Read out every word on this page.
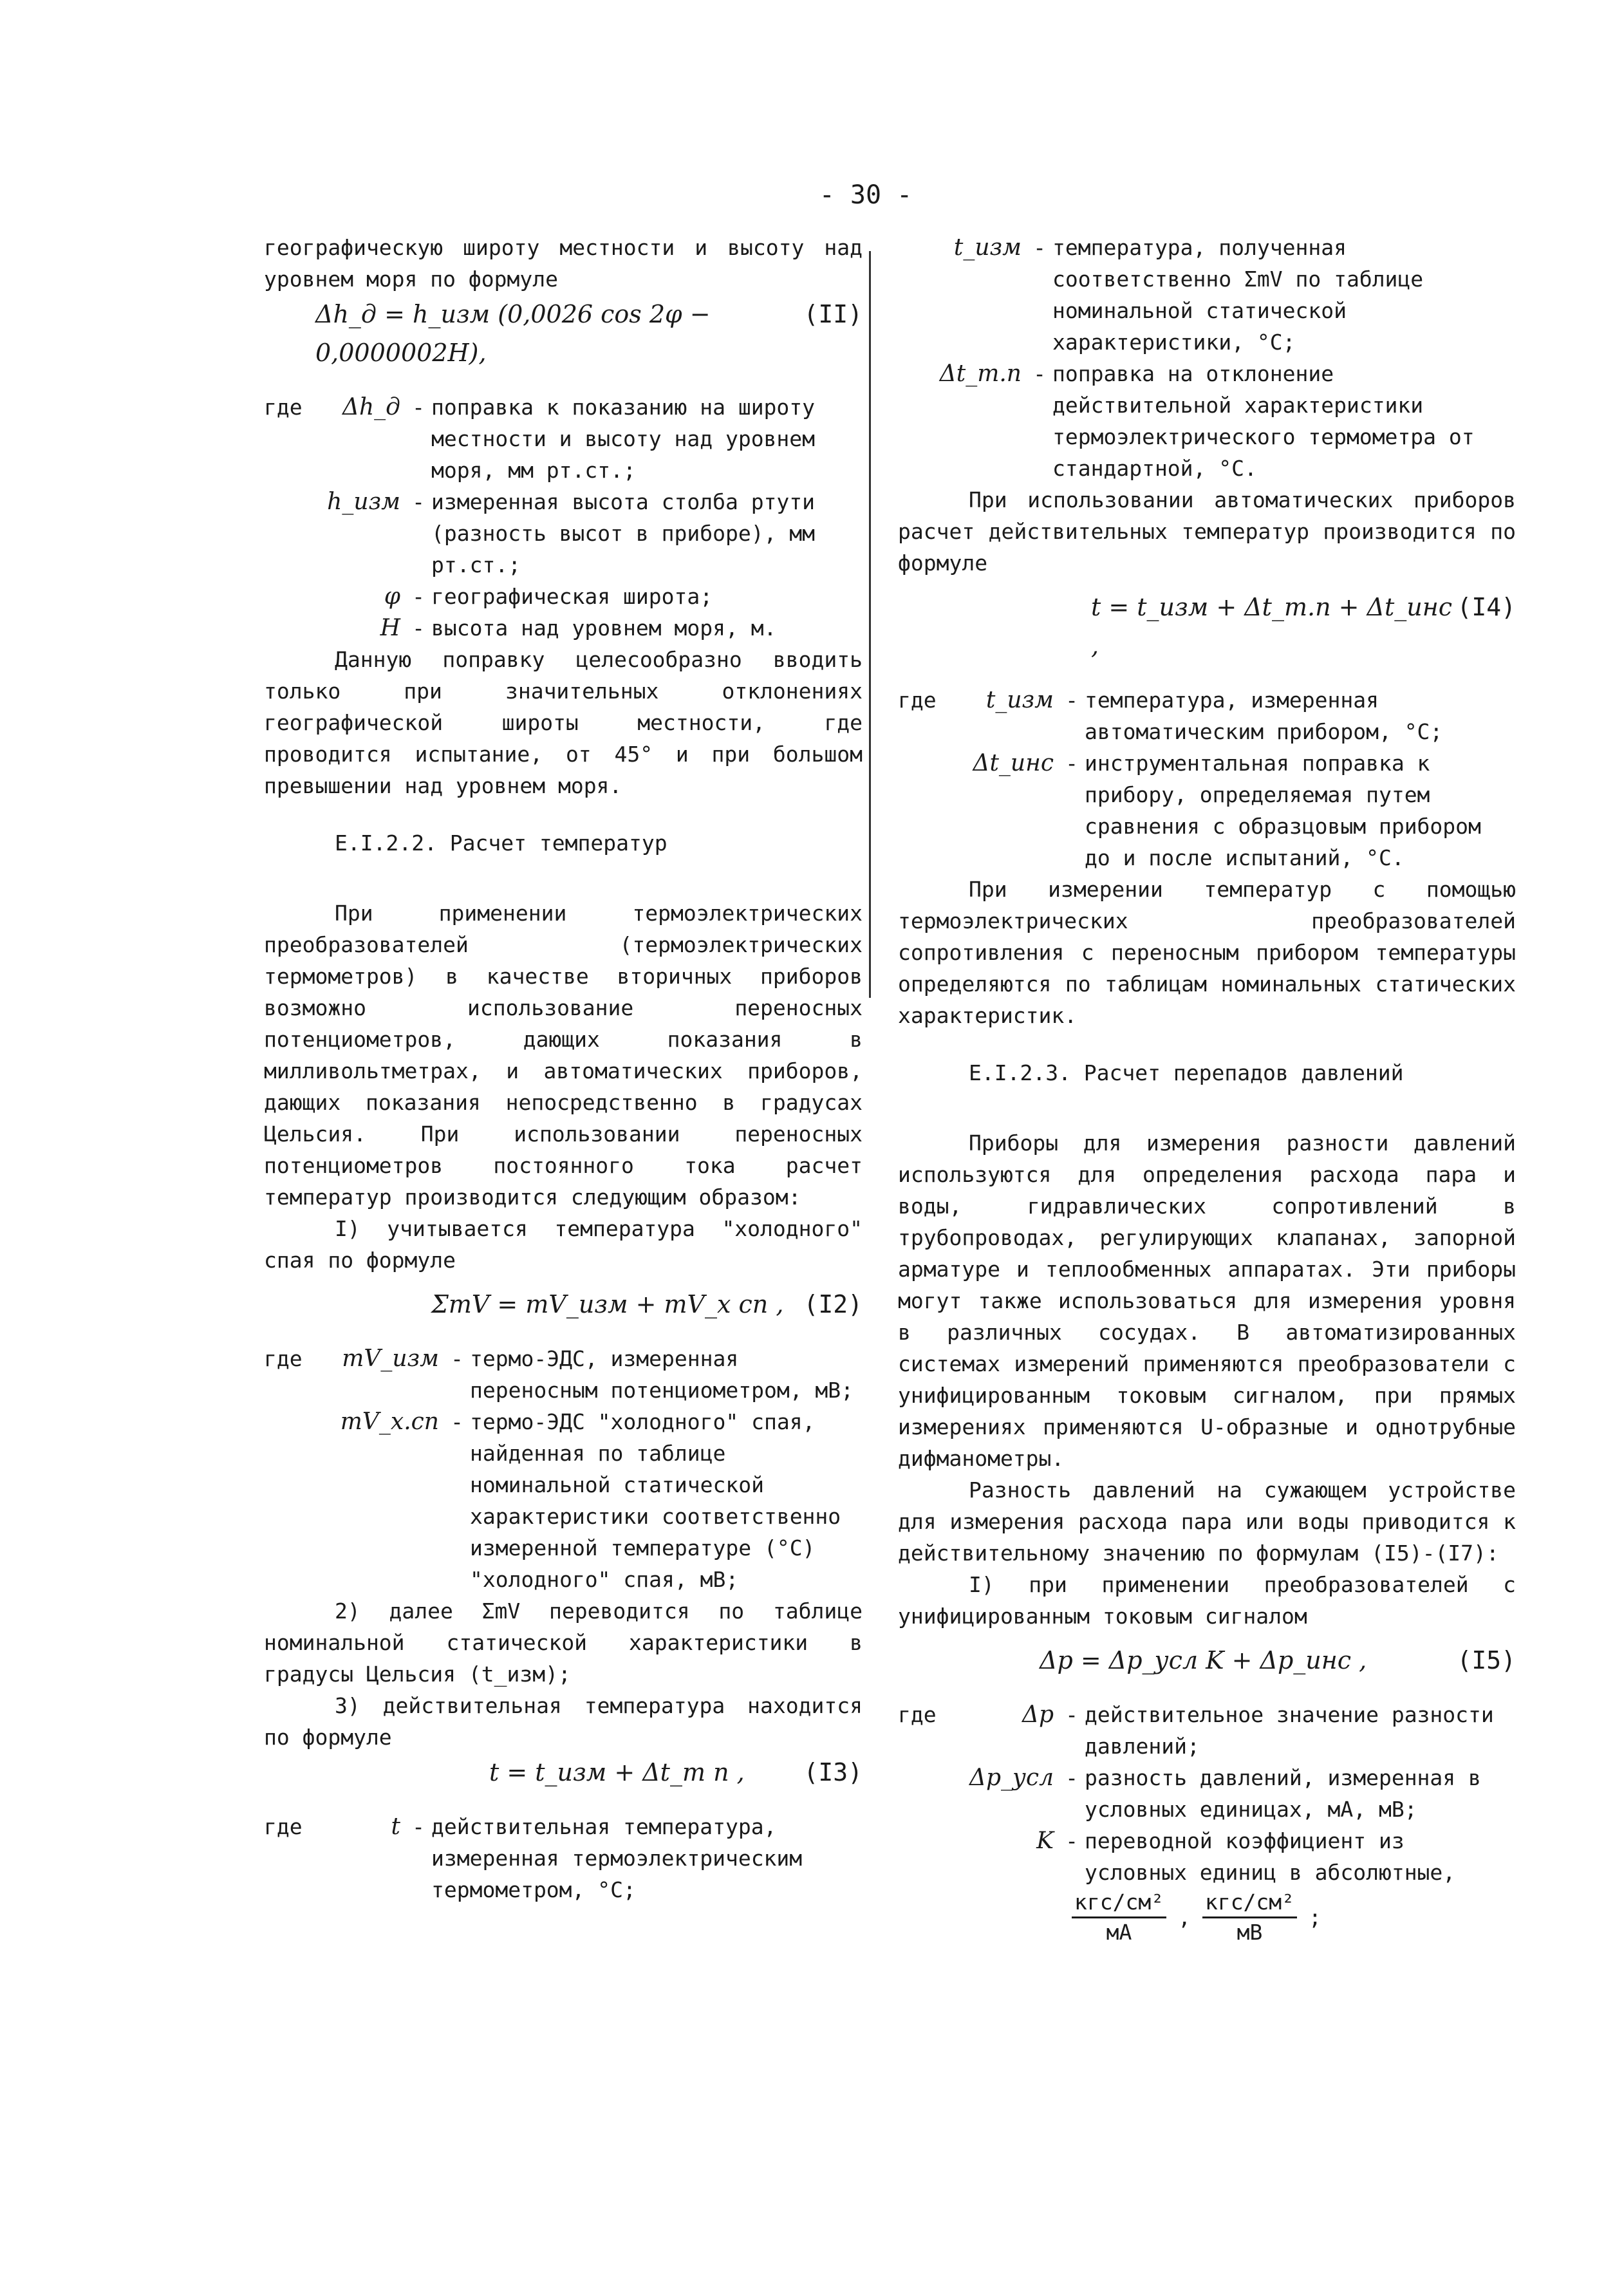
- 30 -

географическую широту местности и высоту над уровнем моря по формуле

Δh_д = h_изм (0,0026 cos 2φ − 0,0000002H),
(II)
где	Δh_д - поправка к показанию на широту местности и высоту над уровнем моря, мм рт.ст.;
h_изм - измеренная высота столба ртути (разность высот в приборе), мм рт.ст.;
φ - географическая широта;
H - высота над уровнем моря, м.

Данную поправку целесообразно вводить только при значительных отклонениях географической широты местности, где проводится испытание, от 45° и при большом превышении над уровнем моря.

Е.I.2.2. Расчет температур

При применении термоэлектрических преобразователей (термоэлектрических термометров) в качестве вторичных приборов возможно использование переносных потенциометров, дающих показания в милливольтметрах, и автоматических приборов, дающих показания непосредственно в градусах Цельсия. При использовании переносных потенциометров постоянного тока расчет температур производится следующим образом:

I) учитывается температура "холодного" спая по формуле

ΣmV = mV_изм + mV_х сп , (I2)
где	mV_изм - термо-ЭДС, измеренная переносным потенциометром, мВ;
mV_х.сп - термо-ЭДС "холодного" спая, найденная по таблице номинальной статической характеристики соответственно измеренной температуре (°С) "холодного" спая, мВ;

2) далее ΣmV переводится по таблице номинальной статической характеристики в градусы Цельсия (t_изм);

3) действительная температура находится по формуле

t = t_изм + Δt_т п , (I3)
где	t - действительная температура, измеренная термоэлектрическим термометром, °С;
t_изм - температура, полученная соответственно ΣmV по таблице номинальной статической характеристики, °С;
Δt_т.п - поправка на отклонение действительной характеристики термоэлектрического термометра от стандартной, °С.

При использовании автоматических приборов расчет действительных температур производится по формуле

t = t_изм + Δt_т.п + Δt_инс ,
(I4)
где	t_изм - температура, измеренная автоматическим прибором, °С;
Δt_инс - инструментальная поправка к прибору, определяемая путем сравнения с образцовым прибором до и после испытаний, °С.

При измерении температур с помощью термоэлектрических преобразователей сопротивления с переносным прибором температуры определяются по таблицам номинальных статических характеристик.

Е.I.2.3. Расчет перепадов давлений

Приборы для измерения разности давлений используются для определения расхода пара и воды, гидравлических сопротивлений в трубопроводах, регулирующих клапанах, запорной арматуре и теплообменных аппаратах. Эти приборы могут также использоваться для измерения уровня в различных сосудах. В автоматизированных системах измерений применяются преобразователи с унифицированным токовым сигналом, при прямых измерениях применяются U-образные и однотрубные дифманометры.

Разность давлений на сужающем устройстве для измерения расхода пара или воды приводится к действительному значению по формулам (I5)-(I7):

I) при применении преобразователей с унифицированным токовым сигналом

Δp = Δp_усл K + Δp_инс ,	(I5)
где	Δp - действительное значение разности давлений;
Δp_усл - разность давлений, измеренная в условных единицах, мА, мВ;
K - переводной коэффициент из условных единиц в абсолютные,
$\frac{\text{кгс/см²}}{мА}$ , $\frac{\text{кгс/см²}}{мВ}$ ;
